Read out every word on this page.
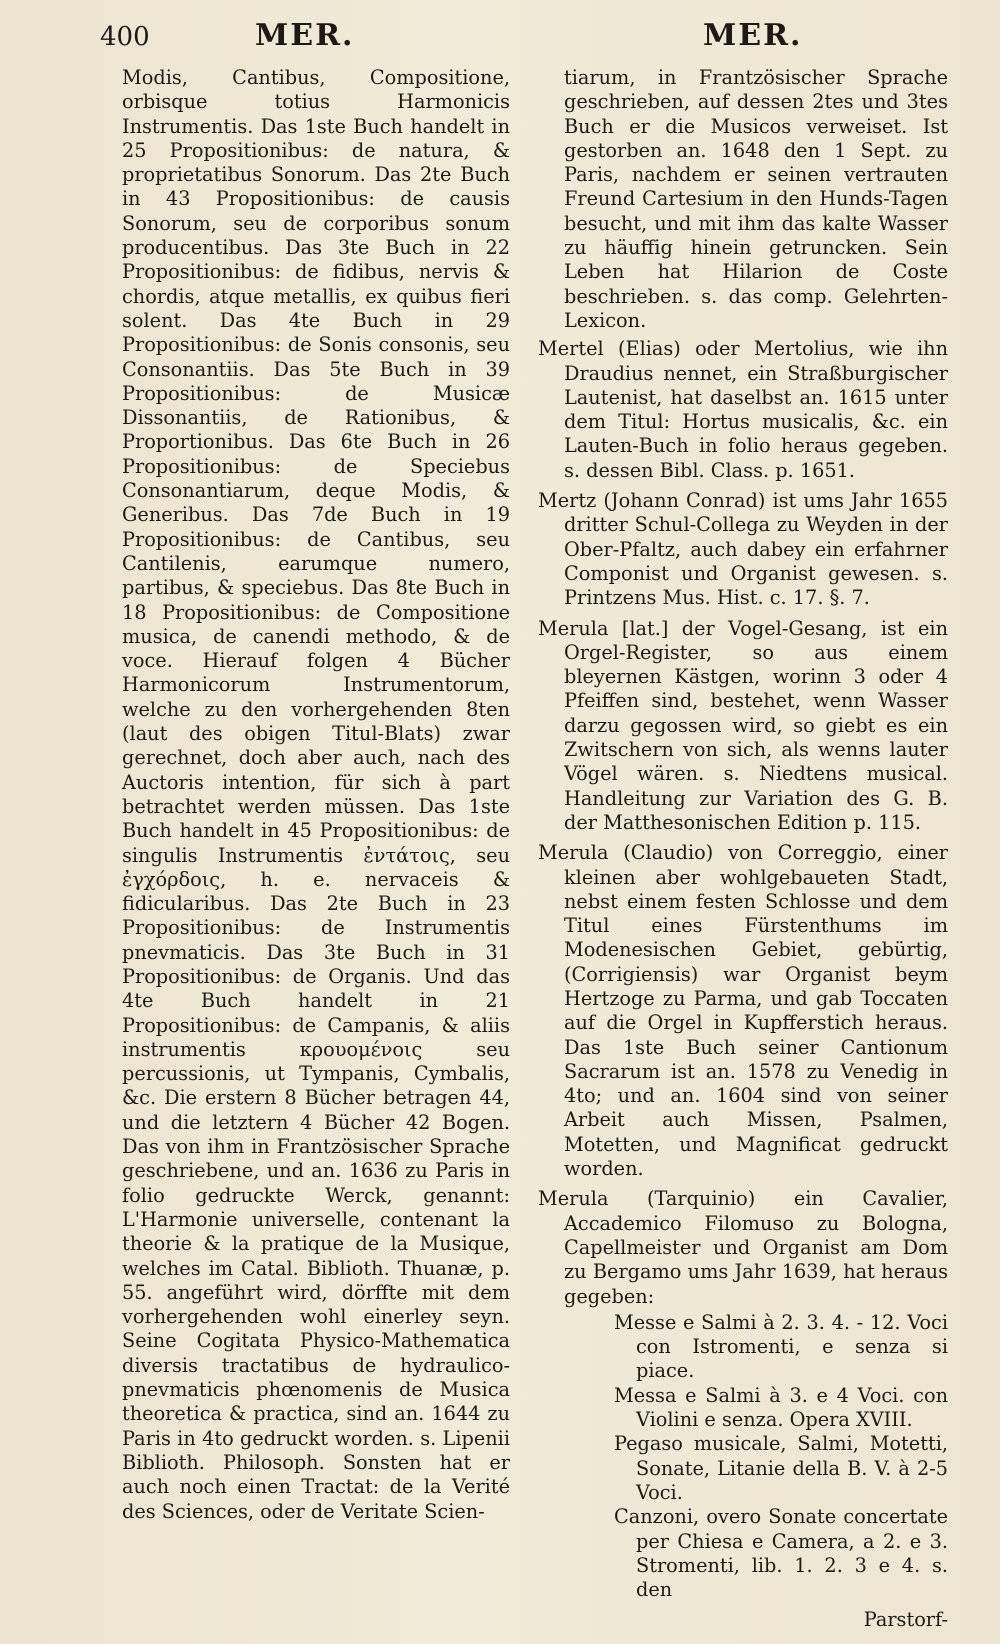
400	MER.	MER.

Modis, Cantibus, Compositione, orbisque totius Harmonicis Instrumentis. Das 1ste Buch handelt in 25 Propositionibus: de natura, & proprietatibus Sonorum. Das 2te Buch in 43 Propositionibus: de causis Sonorum, seu de corporibus sonum producentibus. Das 3te Buch in 22 Propositionibus: de fidibus, nervis & chordis, atque metallis, ex quibus fieri solent. Das 4te Buch in 29 Propositionibus: de Sonis consonis, seu Consonantiis. Das 5te Buch in 39 Propositionibus: de Musicæ Dissonantiis, de Rationibus, & Proportionibus. Das 6te Buch in 26 Propositionibus: de Speciebus Consonantiarum, deque Modis, & Generibus. Das 7de Buch in 19 Propositionibus: de Cantibus, seu Cantilenis, earumque numero, partibus, & speciebus. Das 8te Buch in 18 Propositionibus: de Compositione musica, de canendi methodo, & de voce. Hierauf folgen 4 Bücher Harmonicorum Instrumentorum, welche zu den vorhergehenden 8ten (laut des obigen Titul-Blats) zwar gerechnet, doch aber auch, nach des Auctoris intention, für sich à part betrachtet werden müssen. Das 1ste Buch handelt in 45 Propositionibus: de singulis Instrumentis ἐντάτοις, seu ἐγχόρδοις, h. e. nervaceis & fidicularibus. Das 2te Buch in 23 Propositionibus: de Instrumentis pnevmaticis. Das 3te Buch in 31 Propositionibus: de Organis. Und das 4te Buch handelt in 21 Propositionibus: de Campanis, & aliis instrumentis κρουομένοις seu percussionis, ut Tympanis, Cymbalis, &c. Die erstern 8 Bücher betragen 44, und die letztern 4 Bücher 42 Bogen. Das von ihm in Frantzösischer Sprache geschriebene, und an. 1636 zu Paris in folio gedruckte Werck, genannt: L'Harmonie universelle, contenant la theorie & la pratique de la Musique, welches im Catal. Biblioth. Thuanæ, p. 55. angeführt wird, dörffte mit dem vorhergehenden wohl einerley seyn. Seine Cogitata Physico-Mathematica diversis tractatibus de hydraulico-pnevmaticis phœnomenis de Musica theoretica & practica, sind an. 1644 zu Paris in 4to gedruckt worden. s. Lipenii Biblioth. Philosoph. Sonsten hat er auch noch einen Tractat: de la Verité des Sciences, oder de Veritate Scien-

tiarum, in Frantzösischer Sprache geschrieben, auf dessen 2tes und 3tes Buch er die Musicos verweiset. Ist gestorben an. 1648 den 1 Sept. zu Paris, nachdem er seinen vertrauten Freund Cartesium in den Hunds-Tagen besucht, und mit ihm das kalte Wasser zu häuffig hinein getruncken. Sein Leben hat Hilarion de Coste beschrieben. s. das comp. Gelehrten-Lexicon.

Mertel (Elias) oder Mertolius, wie ihn Draudius nennet, ein Straßburgischer Lautenist, hat daselbst an. 1615 unter dem Titul: Hortus musicalis, &c. ein Lauten-Buch in folio heraus gegeben. s. dessen Bibl. Class. p. 1651.
Mertz (Johann Conrad) ist ums Jahr 1655 dritter Schul-Collega zu Weyden in der Ober-Pfaltz, auch dabey ein erfahrner Componist und Organist gewesen. s. Printzens Mus. Hist. c. 17. §. 7.
Merula [lat.] der Vogel-Gesang, ist ein Orgel-Register, so aus einem bleyernen Kästgen, worinn 3 oder 4 Pfeiffen sind, bestehet, wenn Wasser darzu gegossen wird, so giebt es ein Zwitschern von sich, als wenns lauter Vögel wären. s. Niedtens musical. Handleitung zur Variation des G. B. der Matthesonischen Edition p. 115.
Merula (Claudio) von Correggio, einer kleinen aber wohlgebaueten Stadt, nebst einem festen Schlosse und dem Titul eines Fürstenthums im Modenesischen Gebiet, gebürtig, (Corrigiensis) war Organist beym Hertzoge zu Parma, und gab Toccaten auf die Orgel in Kupfferstich heraus. Das 1ste Buch seiner Cantionum Sacrarum ist an. 1578 zu Venedig in 4to; und an. 1604 sind von seiner Arbeit auch Missen, Psalmen, Motetten, und Magnificat gedruckt worden.
Merula (Tarquinio) ein Cavalier, Accademico Filomuso zu Bologna, Capellmeister und Organist am Dom zu Bergamo ums Jahr 1639, hat heraus gegeben:
Messe e Salmi à 2. 3. 4. - 12. Voci con Istromenti, e senza si piace.
Messa e Salmi à 3. e 4 Voci. con Violini e senza. Opera XVIII.
Pegaso musicale, Salmi, Motetti, Sonate, Litanie della B. V. à 2-5 Voci.
Canzoni, overo Sonate concertate per Chiesa e Camera, a 2. e 3. Stromenti, lib. 1. 2. 3 e 4. s. den
Parstorf-
